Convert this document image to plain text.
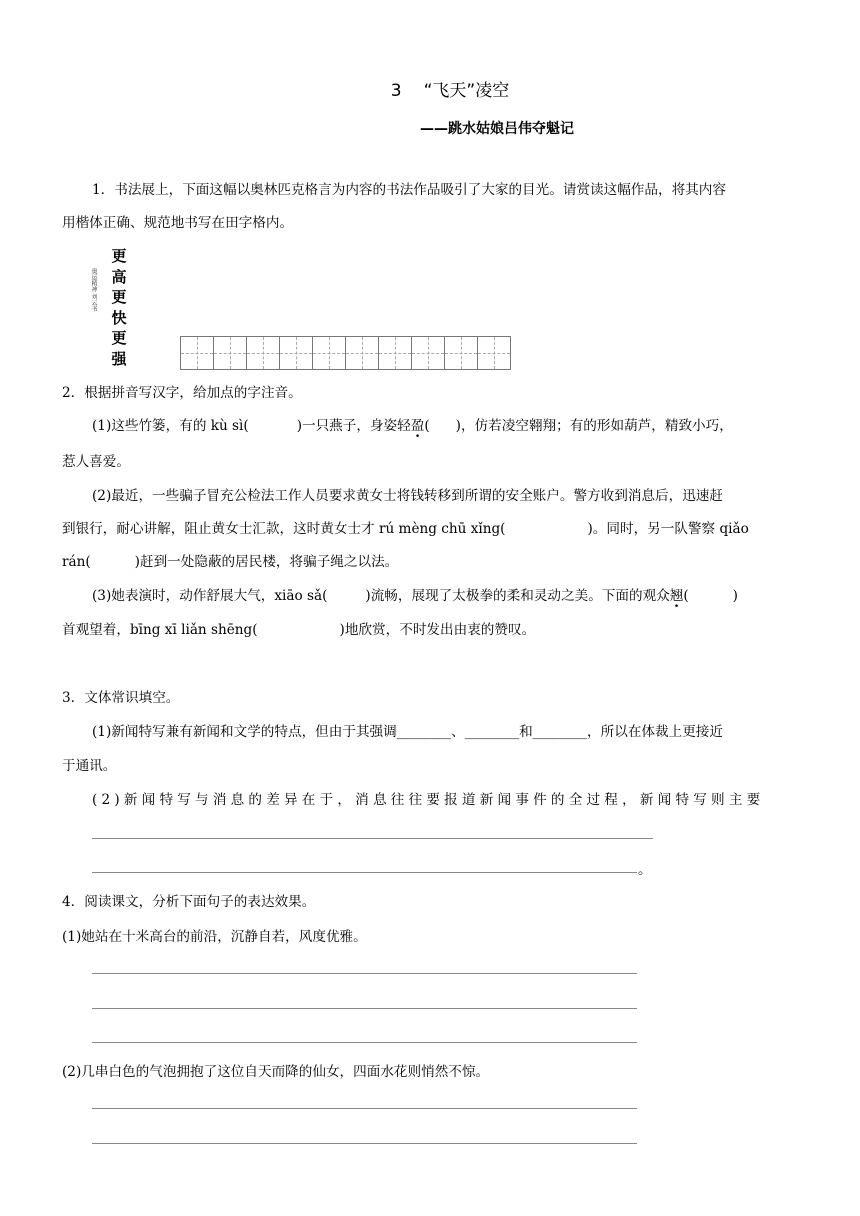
3 “飞天”凌空
——跳水姑娘吕伟夺魁记
1．书法展上，下面这幅以奥林匹克格言为内容的书法作品吸引了大家的目光。请赏读这幅作品，将其内容
用楷体正确、规范地书写在田字格内。
更
高
更
快
更
强
奥运精神 刘云书
2．根据拼音写汉字，给加点的字注音。
(1)这些竹篓，有的 kù sì(	)一只燕子，身姿轻盈( )，仿若凌空翱翔；有的形如葫芦，精致小巧，
惹人喜爱。
(2)最近，一些骗子冒充公检法工作人员要求黄女士将钱转移到所谓的安全账户。警方收到消息后，迅速赶
到银行，耐心讲解，阻止黄女士汇款，这时黄女士才 rú mèng chū xǐng(	)。同时，另一队警察 qiǎo
rán(	)赶到一处隐蔽的居民楼，将骗子绳之以法。
(3)她表演时，动作舒展大气，xiāo sǎ(	)流畅，展现了太极拳的柔和灵动之美。下面的观众翘(	)
首观望着，bīng xī liǎn shēng(	)地欣赏，不时发出由衷的赞叹。
3．文体常识填空。
(1)新闻特写兼有新闻和文学的特点，但由于其强调________、________和________，所以在体裁上更接近
于通讯。
(2)新闻特写与消息的差异在于，消息往往要报道新闻事件的全过程，新闻特写则主要
。
4．阅读课文，分析下面句子的表达效果。
(1)她站在十米高台的前沿，沉静自若，风度优雅。
(2)几串白色的气泡拥抱了这位自天而降的仙女，四面水花则悄然不惊。
